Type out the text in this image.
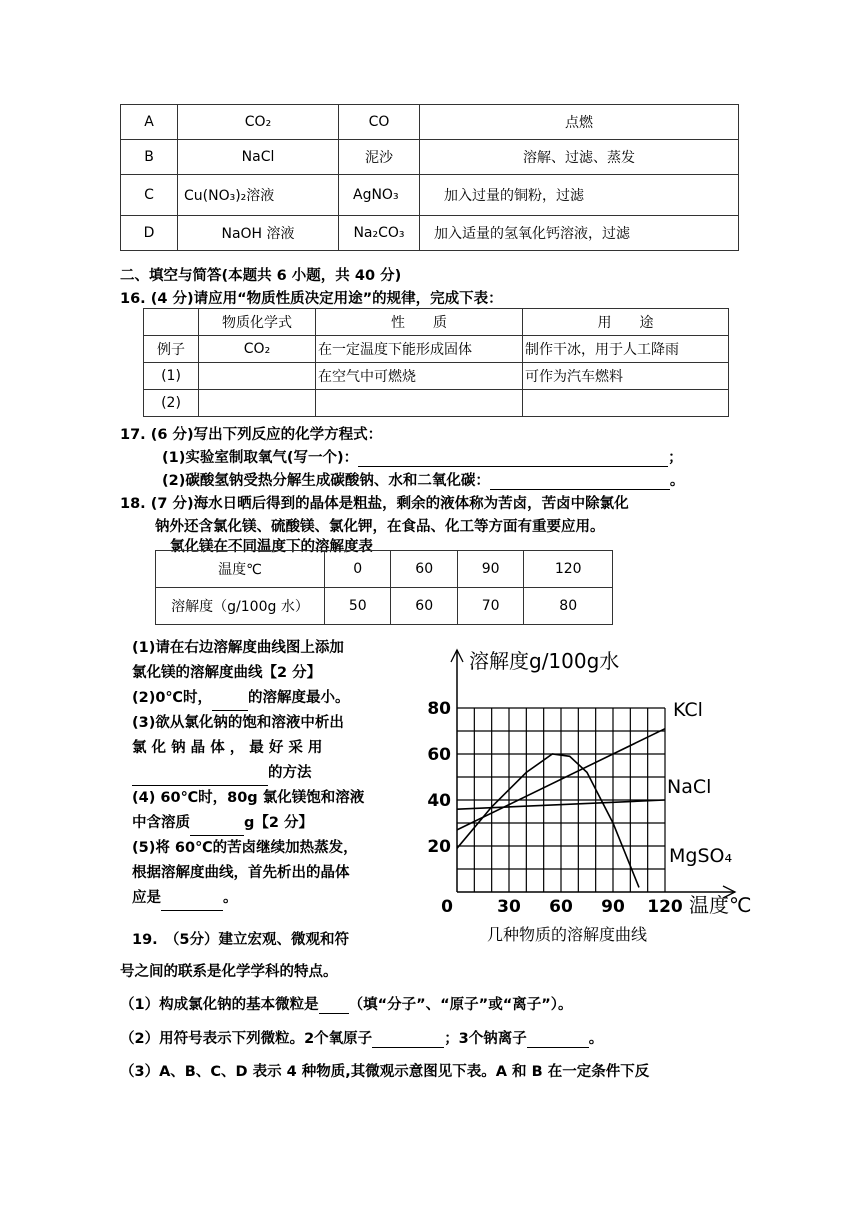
A	CO₂	CO	点燃
B	NaCl	泥沙	溶解、过滤、蒸发
C	Cu(NO₃)₂溶液	AgNO₃	加入过量的铜粉，过滤
D	NaOH 溶液	Na₂CO₃	加入适量的氢氧化钙溶液，过滤
二、填空与简答(本题共 6 小题，共 40 分)
16. (4 分)请应用“物质性质决定用途”的规律，完成下表：
	物质化学式	性　　质	用　　途
例子	CO₂	在一定温度下能形成固体	制作干冰，用于人工降雨
(1)		在空气中可燃烧	可作为汽车燃料
(2)			
17. (6 分)写出下列反应的化学方程式：
(1)实验室制取氧气(写一个)：	；
(2)碳酸氢钠受热分解生成碳酸钠、水和二氧化碳：	。
18. (7 分)海水日晒后得到的晶体是粗盐，剩余的液体称为苦卤，苦卤中除氯化
钠外还含氯化镁、硫酸镁、氯化钾，在食品、化工等方面有重要应用。
氯化镁在不同温度下的溶解度表
温度℃	0	60	90	120
溶解度（g/100g 水）	50	60	70	80
(1)请在右边溶解度曲线图上添加
氯化镁的溶解度曲线【2 分】
(2)0℃时， 的溶解度最小。
(3)欲从氯化钠的饱和溶液中析出
氯 化 钠 晶 体 ， 最 好 采 用
的方法
(4) 60℃时，80g 氯化镁饱和溶液
中含溶质	g【2 分】
(5)将 60℃的苦卤继续加热蒸发，
根据溶解度曲线，首先析出的晶体
应是	。	0	30 60 90 120
20
40
60
80
溶解度g/100g水
温度℃
KCl
NaCl
MgSO₄
几种物质的溶解度曲线
19.　（5分）建立宏观、微观和符
号之间的联系是化学学科的特点。
（1）构成氯化钠的基本微粒是 （填“分子”、“原子”或“离子”）。
（2）用符号表示下列微粒。2个氧原子	；3个钠离子	。
（3）A、B、C、D 表示 4 种物质,其微观示意图见下表。A 和 B 在一定条件下反
